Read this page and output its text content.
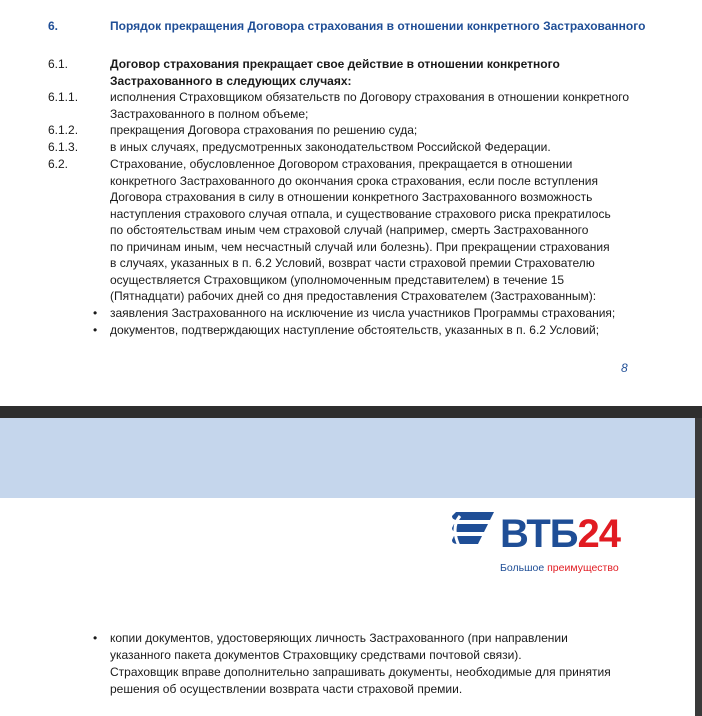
6.	Порядок прекращения Договора страхования в отношении конкретного Застрахованного
6.1.	Договор страхования прекращает свое действие в отношении конкретного
Застрахованного в следующих случаях:
6.1.1.	исполнения Страховщиком обязательств по Договору страхования в отношении конкретного
Застрахованного в полном объеме;
6.1.2.	прекращения Договора страхования по решению суда;
6.1.3.	в иных случаях, предусмотренных законодательством Российской Федерации.
6.2.	Страхование, обусловленное Договором страхования, прекращается в отношении
конкретного Застрахованного до окончания срока страхования, если после вступления
Договора страхования в силу в отношении конкретного Застрахованного возможность
наступления страхового случая отпала, и существование страхового риска прекратилось
по обстоятельствам иным чем страховой случай (например, смерть Застрахованного
по причинам иным, чем несчастный случай или болезнь). При прекращении страхования
в случаях, указанных в п. 6.2 Условий, возврат части страховой премии Страхователю
осуществляется Страховщиком (уполномоченным представителем) в течение 15
(Пятнадцати) рабочих дней со дня предоставления Страхователем (Застрахованным):
• заявления Застрахованного на исключение из числа участников Программы страхования;
• документов, подтверждающих наступление обстоятельств, указанных в п. 6.2 Условий;
8
ВТБ24
Большое преимущество
• копии документов, удостоверяющих личность Застрахованного (при направлении
указанного пакета документов Страховщику средствами почтовой связи).
Страховщик вправе дополнительно запрашивать документы, необходимые для принятия
решения об осуществлении возврата части страховой премии.
